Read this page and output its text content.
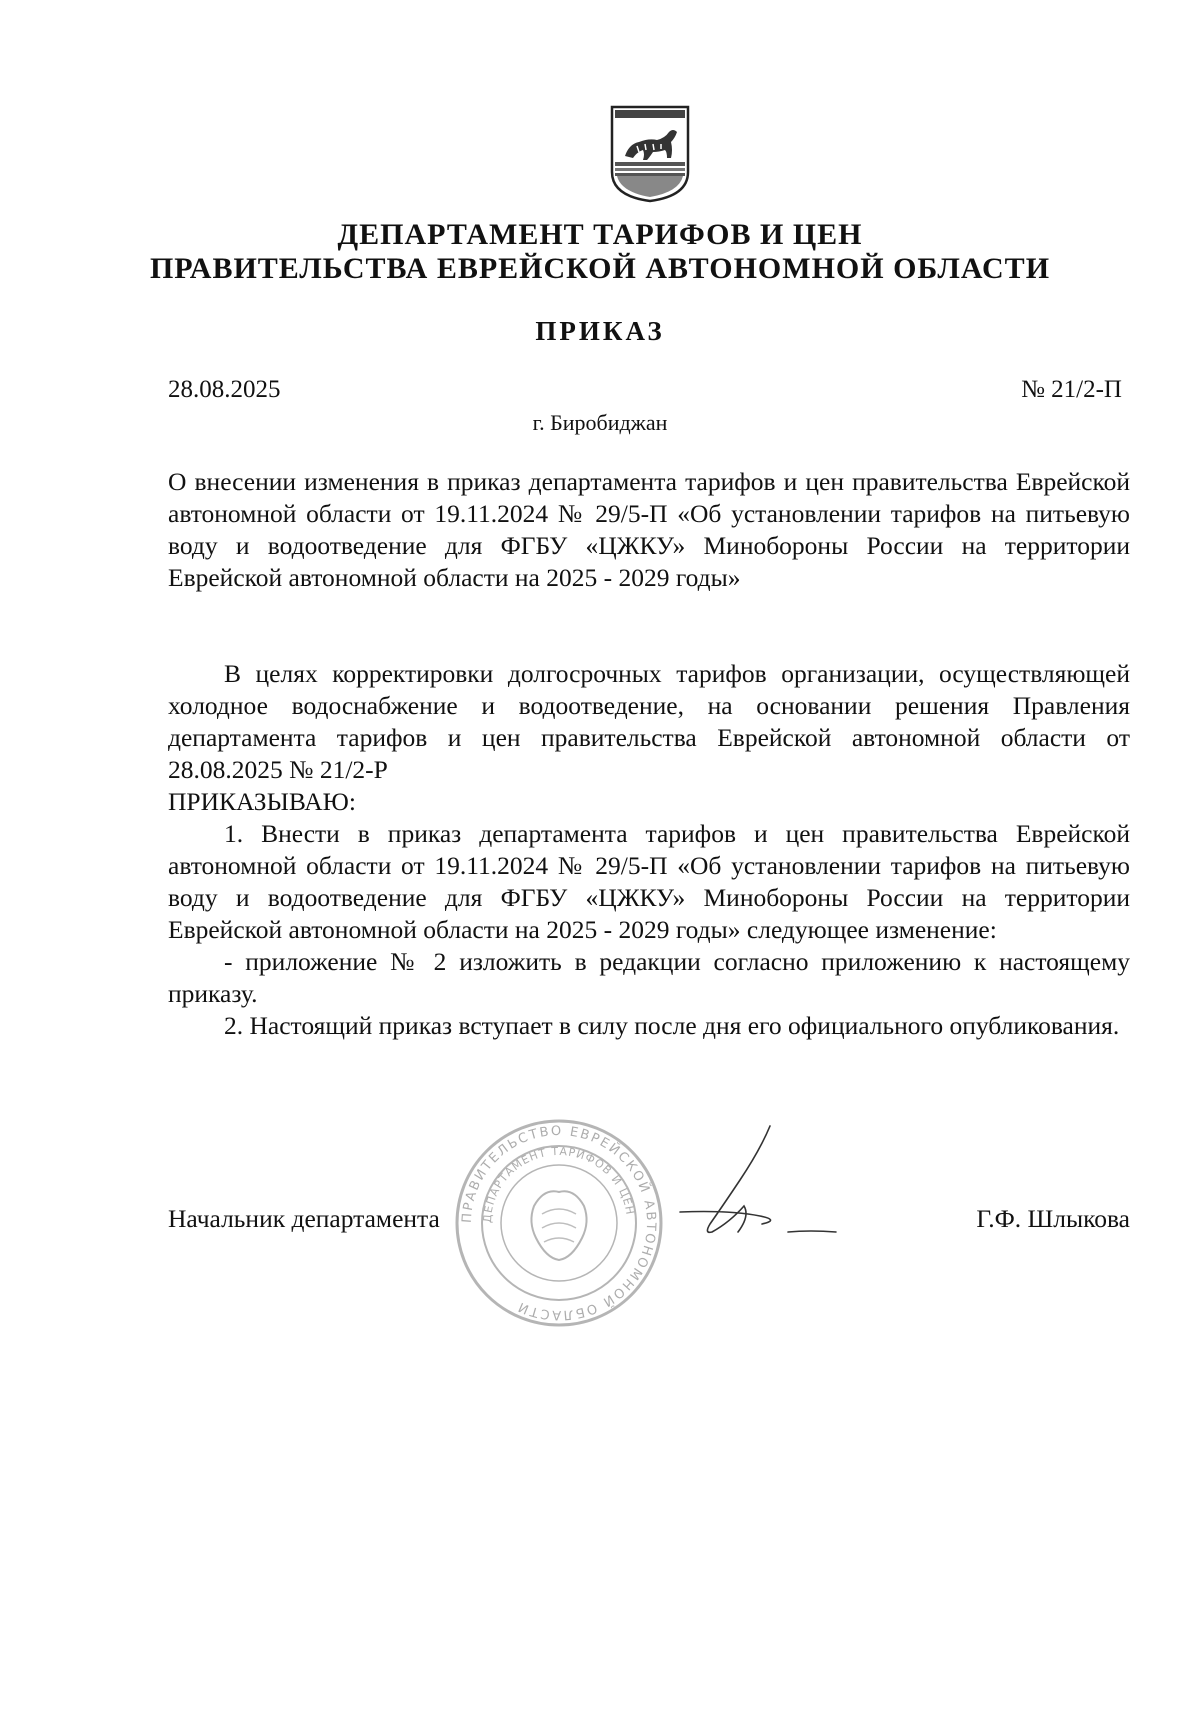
ДЕПАРТАМЕНТ ТАРИФОВ И ЦЕН
ПРАВИТЕЛЬСТВА ЕВРЕЙСКОЙ АВТОНОМНОЙ ОБЛАСТИ
ПРИКАЗ
28.08.2025	№ 21/2-П
г. Биробиджан
О внесении изменения в приказ департамента тарифов и цен правительства Еврейской автономной области от 19.11.2024 № 29/5-П «Об установлении тарифов на питьевую воду и водоотведение для ФГБУ «ЦЖКУ» Минобороны России на территории Еврейской автономной области на 2025 - 2029 годы»

В целях корректировки долгосрочных тарифов организации, осуществляющей холодное водоснабжение и водоотведение, на основании решения Правления департамента тарифов и цен правительства Еврейской автономной области от 28.08.2025 № 21/2-Р

ПРИКАЗЫВАЮ:

1. Внести в приказ департамента тарифов и цен правительства Еврейской автономной области от 19.11.2024 № 29/5-П «Об установлении тарифов на питьевую воду и водоотведение для ФГБУ «ЦЖКУ» Минобороны России на территории Еврейской автономной области на 2025 - 2029 годы» следующее изменение:

- приложение № 2 изложить в редакции согласно приложению к настоящему приказу.

2. Настоящий приказ вступает в силу после дня его официального опубликования.

Начальник департамента	Г.Ф. Шлыкова
ПРАВИТЕЛЬСТВО ЕВРЕЙСКОЙ АВТОНОМНОЙ ОБЛАСТИ
ДЕПАРТАМЕНТ ТАРИФОВ И ЦЕН
